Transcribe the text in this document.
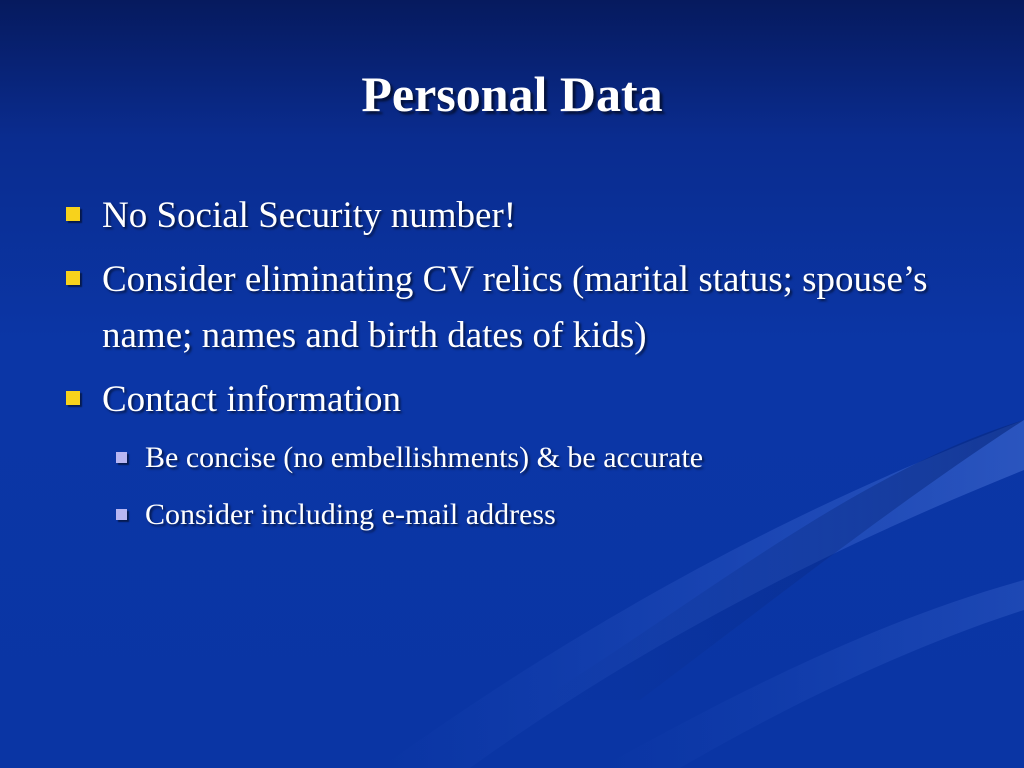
Personal Data
No Social Security number!
Consider eliminating CV relics (marital status; spouse’s name; names and birth dates of kids)
Contact information
Be concise (no embellishments) & be accurate
Consider including e-mail address
